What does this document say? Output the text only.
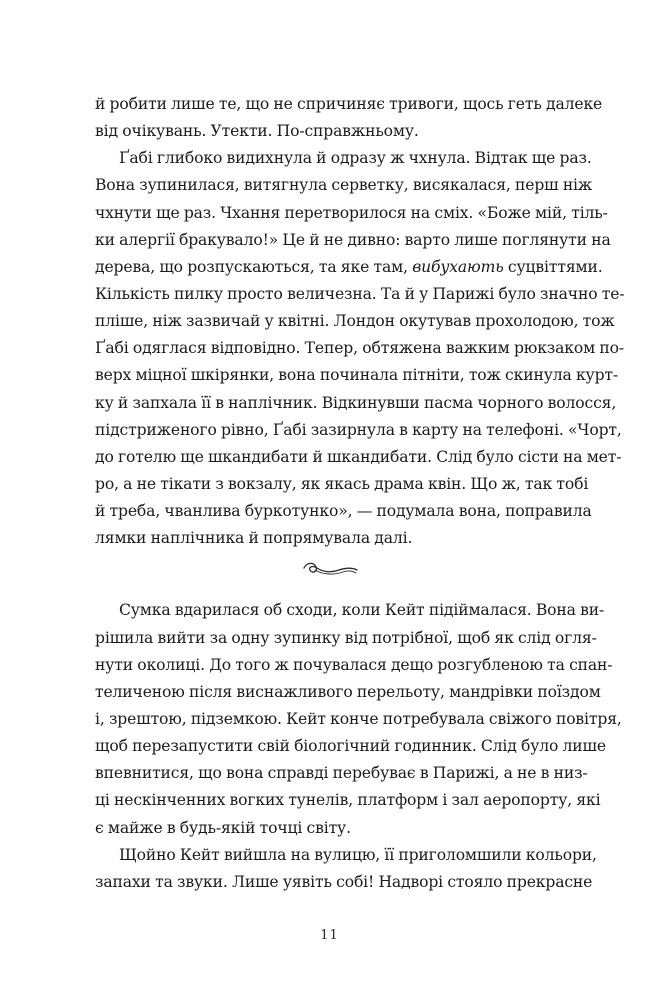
й робити лише те, що не спричиняє тривоги, щось геть далеке
від очікувань. Утекти. По-справжньому.
Ґабі глибоко видихнула й одразу ж чхнула. Відтак ще раз.
Вона зупинилася, витягнула серветку, висякалася, перш ніж
чхнути ще раз. Чхання перетворилося на сміх. «Боже мій, тіль-
ки алергії бракувало!» Це й не дивно: варто лише поглянути на
дерева, що розпускаються, та яке там, вибухають суцвіттями.
Кількість пилку просто величезна. Та й у Парижі було значно те-
пліше, ніж зазвичай у квітні. Лондон окутував прохолодою, тож
Ґабі одяглася відповідно. Тепер, обтяжена важким рюкзаком по-
верх міцної шкірянки, вона починала пітніти, тож скинула курт-
ку й запхала її в наплічник. Відкинувши пасма чорного волосся,
підстриженого рівно, Ґабі зазирнула в карту на телефоні. «Чорт,
до готелю ще шкандибати й шкандибати. Слід було сісти на мет-
ро, а не тікати з вокзалу, як якась драма квін. Що ж, так тобі
й треба, чванлива буркотунко», — подумала вона, поправила
лямки наплічника й попрямувала далі.
Сумка вдарилася об сходи, коли Кейт підіймалася. Вона ви-
рішила вийти за одну зупинку від потрібної, щоб як слід огля-
нути околиці. До того ж почувалася дещо розгубленою та спан-
теличеною після виснажливого перельоту, мандрівки поїздом
і, зрештою, підземкою. Кейт конче потребувала свіжого повітря,
щоб перезапустити свій біологічний годинник. Слід було лише
впевнитися, що вона справді перебуває в Парижі, а не в низ-
ці нескінченних вогких тунелів, платформ і зал аеропорту, які
є майже в будь-якій точці світу.
Щойно Кейт вийшла на вулицю, її приголомшили кольори,
запахи та звуки. Лише уявіть собі! Надворі стояло прекрасне
11
